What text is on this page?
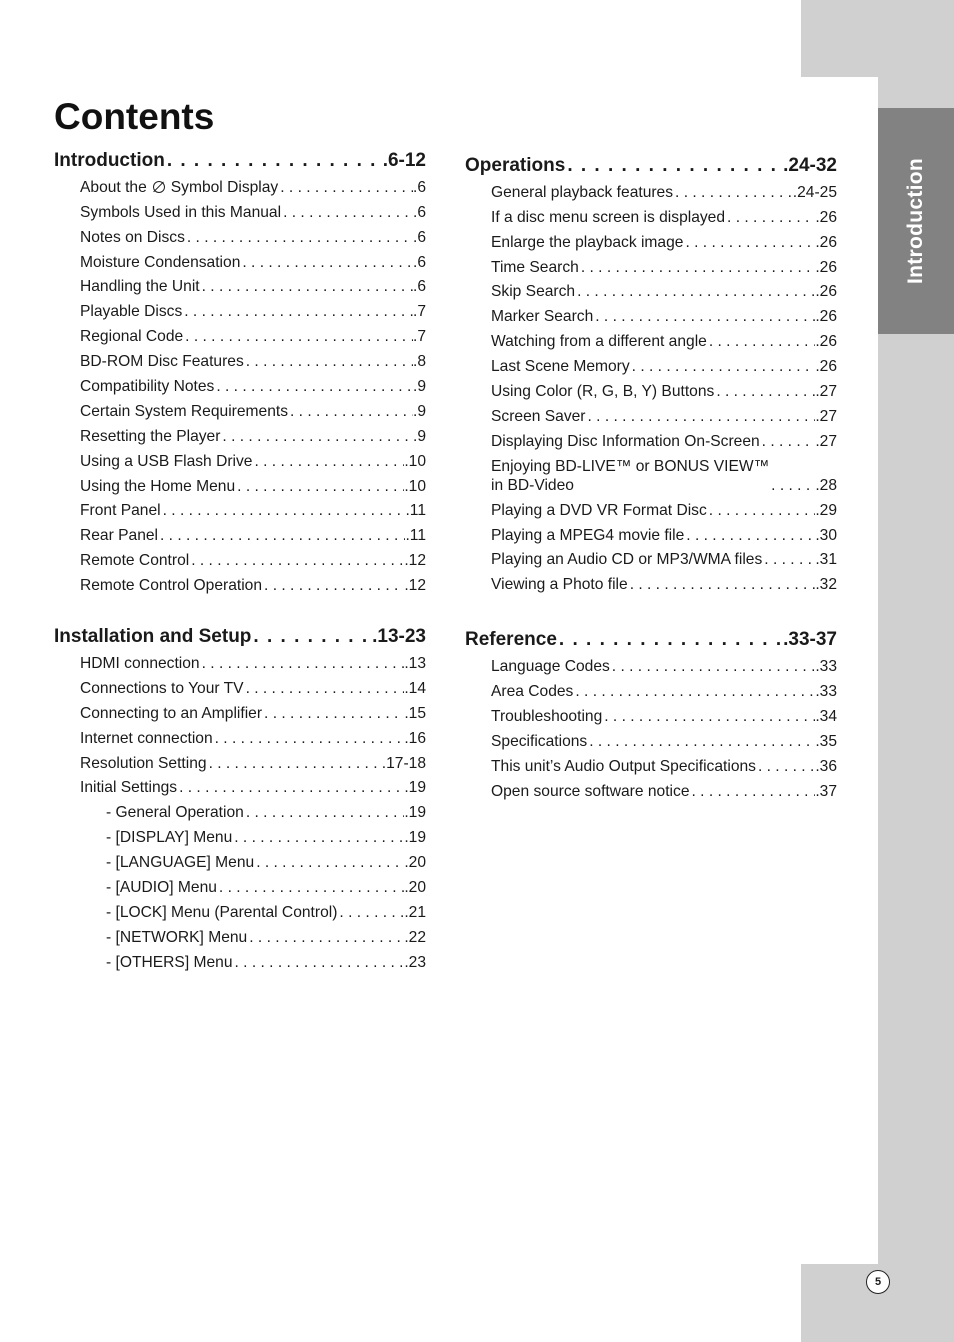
Introduction
5
Contents
Introduction . . .	.6-12
About the Symbol Display . . .	.6
Symbols Used in this Manual . . .	.6
Notes on Discs . . .	.6
Moisture Condensation . . .	.6
Handling the Unit . . .	.6
Playable Discs . . .	.7
Regional Code . . .	.7
BD-ROM Disc Features . . .	.8
Compatibility Notes . . .	.9
Certain System Requirements . . .	.9
Resetting the Player . . .	.9
Using a USB Flash Drive . . .	.10
Using the Home Menu . . .	.10
Front Panel . . .	.11
Rear Panel . . .	.11
Remote Control . . .	.12
Remote Control Operation . . .	.12
Installation and Setup . . .	.13-23
HDMI connection . . .	.13
Connections to Your TV . . .	.14
Connecting to an Amplifier . . .	.15
Internet connection . . .	.16
Resolution Setting . . .	.17-18
Initial Settings . . .	.19
- General Operation . . .	.19
- [DISPLAY] Menu . . .	.19
- [LANGUAGE] Menu . . .	.20
- [AUDIO] Menu . . .	.20
- [LOCK] Menu (Parental Control) . . .	.21
- [NETWORK] Menu . . .	.22
- [OTHERS] Menu . . .	.23
Operations . . .	.24-32
General playback features . . .	.24-25
If a disc menu screen is displayed . . .	.26
Enlarge the playback image . . .	.26
Time Search . . .	.26
Skip Search . . .	.26
Marker Search . . .	.26
Watching from a different angle . . .	.26
Last Scene Memory . . .	.26
Using Color (R, G, B, Y) Buttons . . .	.27
Screen Saver . . .	.27
Displaying Disc Information On-Screen . . .	.27
Enjoying BD-LIVE™ or BONUS VIEW™
in BD-Video . . .	.28
Playing a DVD VR Format Disc . . .	.29
Playing a MPEG4 movie file . . .	.30
Playing an Audio CD or MP3/WMA files . . .	.31
Viewing a Photo file . . .	.32
Reference . . .	.33-37
Language Codes . . .	.33
Area Codes . . .	.33
Troubleshooting . . .	.34
Specifications . . .	.35
This unit’s Audio Output Specifications . . .	.36
Open source software notice . . .	.37
